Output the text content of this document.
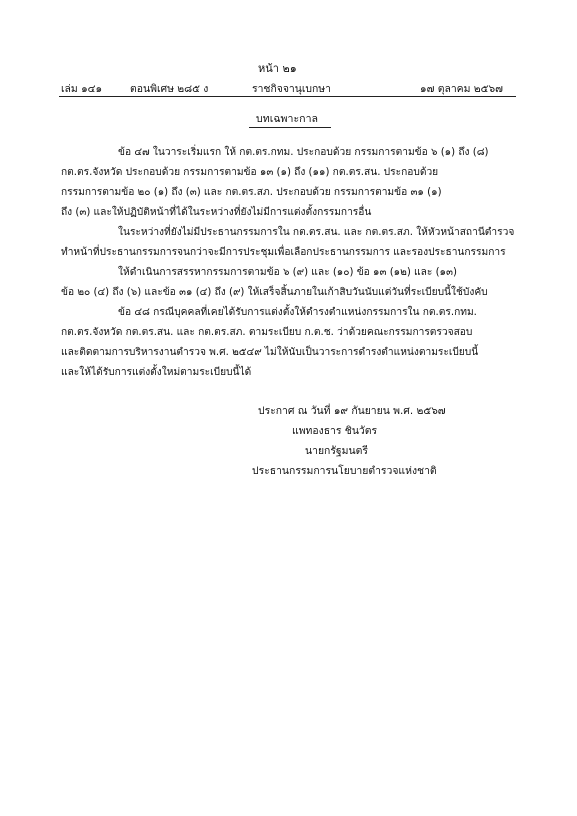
หน้า ๒๑
เล่ม ๑๔๑	ตอนพิเศษ ๒๘๕ ง	ราชกิจจานุเบกษา	๑๗ ตุลาคม ๒๕๖๗
บทเฉพาะกาล
ข้อ ๔๗ ในวาระเริ่มแรก ให้ กต.ตร.กทม. ประกอบด้วย กรรมการตามข้อ ๖ (๑) ถึง (๘)
กต.ตร.จังหวัด ประกอบด้วย กรรมการตามข้อ ๑๓ (๑) ถึง (๑๑) กต.ตร.สน. ประกอบด้วย
กรรมการตามข้อ ๒๐ (๑) ถึง (๓) และ กต.ตร.สภ. ประกอบด้วย กรรมการตามข้อ ๓๑ (๑)
ถึง (๓) และให้ปฏิบัติหน้าที่ได้ในระหว่างที่ยังไม่มีการแต่งตั้งกรรมการอื่น
ในระหว่างที่ยังไม่มีประธานกรรมการใน กต.ตร.สน. และ กต.ตร.สภ. ให้หัวหน้าสถานีตำรวจ
ทำหน้าที่ประธานกรรมการจนกว่าจะมีการประชุมเพื่อเลือกประธานกรรมการ และรองประธานกรรมการ
ให้ดำเนินการสรรหากรรมการตามข้อ ๖ (๙) และ (๑๐) ข้อ ๑๓ (๑๒) และ (๑๓)
ข้อ ๒๐ (๔) ถึง (๖) และข้อ ๓๑ (๔) ถึง (๙) ให้เสร็จสิ้นภายในเก้าสิบวันนับแต่วันที่ระเบียบนี้ใช้บังคับ
ข้อ ๔๘ กรณีบุคคลที่เคยได้รับการแต่งตั้งให้ดำรงตำแหน่งกรรมการใน กต.ตร.กทม.
กต.ตร.จังหวัด กต.ตร.สน. และ กต.ตร.สภ. ตามระเบียบ ก.ต.ช. ว่าด้วยคณะกรรมการตรวจสอบ
และติดตามการบริหารงานตำรวจ พ.ศ. ๒๕๔๙ ไม่ให้นับเป็นวาระการดำรงตำแหน่งตามระเบียบนี้
และให้ได้รับการแต่งตั้งใหม่ตามระเบียบนี้ได้
ประกาศ ณ วันที่ ๑๙ กันยายน พ.ศ. ๒๕๖๗
แพทองธาร ชินวัตร
นายกรัฐมนตรี
ประธานกรรมการนโยบายตำรวจแห่งชาติ
